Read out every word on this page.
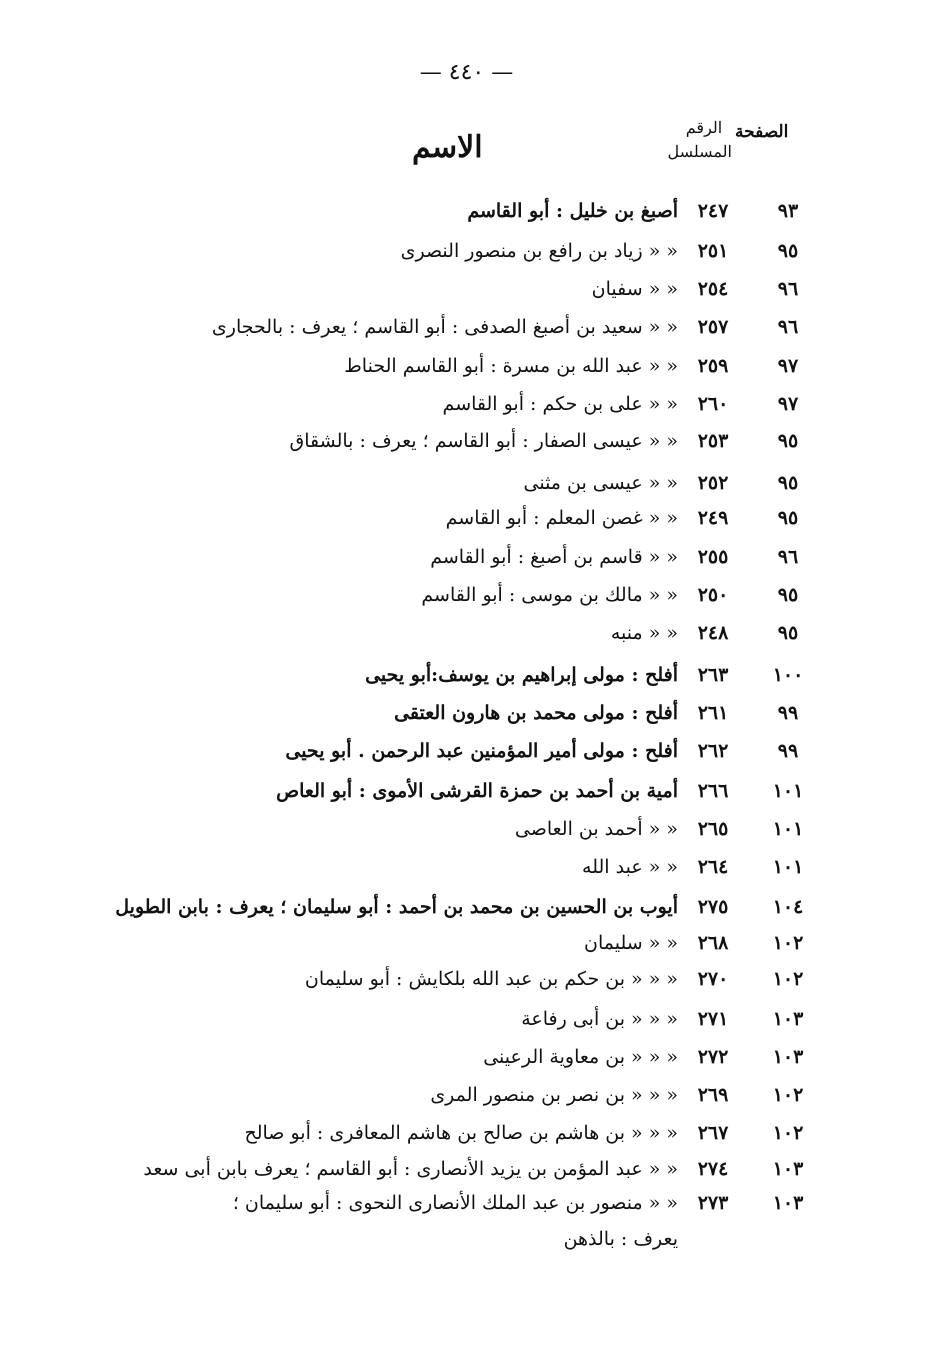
— ٤٤٠ —
الصفحة
الرقم
المسلسل
الاسم
٩٣
٢٤٧
أصبغ بن خليل : أبو القاسم
٩٥
٢٥١
« « زياد بن رافع بن منصور النصرى
٩٦
٢٥٤
« « سفيان
٩٦
٢٥٧
« « سعيد بن أصبغ الصدفى : أبو القاسم ؛ يعرف : بالحجارى
٩٧
٢٥٩
« « عبد الله بن مسرة : أبو القاسم الحناط
٩٧
٢٦٠
« « على بن حكم : أبو القاسم
٩٥
٢٥٣
« « عيسى الصفار : أبو القاسم ؛ يعرف : بالشقاق
٩٥
٢٥٢
« « عيسى بن مثنى
٩٥
٢٤٩
« « غصن المعلم : أبو القاسم
٩٦
٢٥٥
« « قاسم بن أصبغ : أبو القاسم
٩٥
٢٥٠
« « مالك بن موسى : أبو القاسم
٩٥
٢٤٨
« « منبه
١٠٠
٢٦٣
أفلح : مولى إبراهيم بن يوسف:أبو يحيى
٩٩
٢٦١
أفلح : مولى محمد بن هارون العتقى
٩٩
٢٦٢
أفلح : مولى أمير المؤمنين عبد الرحمن . أبو يحيى
١٠١
٢٦٦
أمية بن أحمد بن حمزة القرشى الأموى : أبو العاص
١٠١
٢٦٥
« « أحمد بن العاصى
١٠١
٢٦٤
« « عبد الله
١٠٤
٢٧٥
أيوب بن الحسين بن محمد بن أحمد : أبو سليمان ؛ يعرف : بابن الطويل
١٠٢
٢٦٨
« « سليمان
١٠٢
٢٧٠
« « « بن حكم بن عبد الله بلكايش : أبو سليمان
١٠٣
٢٧١
« « « بن أبى رفاعة
١٠٣
٢٧٢
« « « بن معاوية الرعينى
١٠٢
٢٦٩
« « « بن نصر بن منصور المرى
١٠٢
٢٦٧
« « « بن هاشم بن صالح بن هاشم المعافرى : أبو صالح
١٠٣
٢٧٤
« « عبد المؤمن بن يزيد الأنصارى : أبو القاسم ؛ يعرف بابن أبى سعد
١٠٣
٢٧٣
« « منصور بن عبد الملك الأنصارى النحوى : أبو سليمان ؛
يعرف : بالذهن
